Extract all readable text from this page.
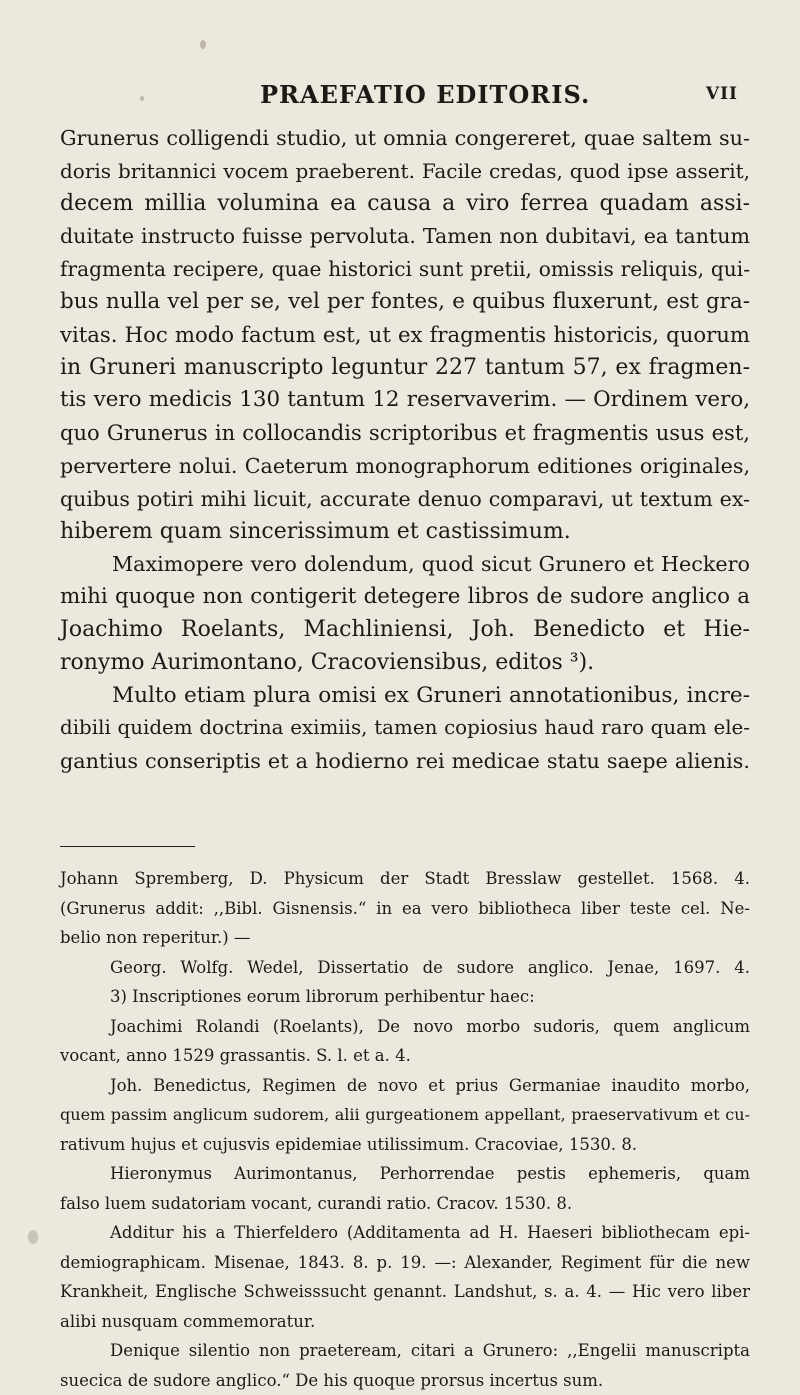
PRAEFATIO EDITORIS.	VII
Grunerus colligendi studio, ut omnia congereret, quae saltem su-
doris britannici vocem praeberent. Facile credas, quod ipse asserit,
decem millia volumina ea causa a viro ferrea quadam assi-
duitate instructo fuisse pervoluta. Tamen non dubitavi, ea tantum
fragmenta recipere, quae historici sunt pretii, omissis reliquis, qui-
bus nulla vel per se, vel per fontes, e quibus fluxerunt, est gra-
vitas. Hoc modo factum est, ut ex fragmentis historicis, quorum
in Gruneri manuscripto leguntur 227 tantum 57, ex fragmen-
tis vero medicis 130 tantum 12 reservaverim. — Ordinem vero,
quo Grunerus in collocandis scriptoribus et fragmentis usus est,
pervertere nolui. Caeterum monographorum editiones originales,
quibus potiri mihi licuit, accurate denuo comparavi, ut textum ex-
hiberem quam sincerissimum et castissimum.
Maximopere vero dolendum, quod sicut Grunero et Heckero
mihi quoque non contigerit detegere libros de sudore anglico a
Joachimo Roelants, Machliniensi, Joh. Benedicto et Hie-
ronymo Aurimontano, Cracoviensibus, editos ³).
Multo etiam plura omisi ex Gruneri annotationibus, incre-
dibili quidem doctrina eximiis, tamen copiosius haud raro quam ele-
gantius conseriptis et a hodierno rei medicae statu saepe alienis.
Johann Spremberg, D. Physicum der Stadt Bresslaw gestellet. 1568. 4.
(Grunerus addit: ,,Bibl. Gisnensis.“ in ea vero bibliotheca liber teste cel. Ne-
belio non reperitur.) —
Georg. Wolfg. Wedel, Dissertatio de sudore anglico. Jenae, 1697. 4.
3) Inscriptiones eorum librorum perhibentur haec:
Joachimi Rolandi (Roelants), De novo morbo sudoris, quem anglicum
vocant, anno 1529 grassantis. S. l. et a. 4.
Joh. Benedictus, Regimen de novo et prius Germaniae inaudito morbo,
quem passim anglicum sudorem, alii gurgeationem appellant, praeservativum et cu-
rativum hujus et cujusvis epidemiae utilissimum. Cracoviae, 1530. 8.
Hieronymus Aurimontanus, Perhorrendae pestis ephemeris, quam
falso luem sudatoriam vocant, curandi ratio. Cracov. 1530. 8.
Additur his a Thierfeldero (Additamenta ad H. Haeseri bibliothecam epi-
demiographicam. Misenae, 1843. 8. p. 19. —: Alexander, Regiment für die new
Krankheit, Englische Schweisssucht genannt. Landshut, s. a. 4. — Hic vero liber
alibi nusquam commemoratur.
Denique silentio non praeteream, citari a Grunero: ,,Engelii manuscripta
suecica de sudore anglico.“ De his quoque prorsus incertus sum.
